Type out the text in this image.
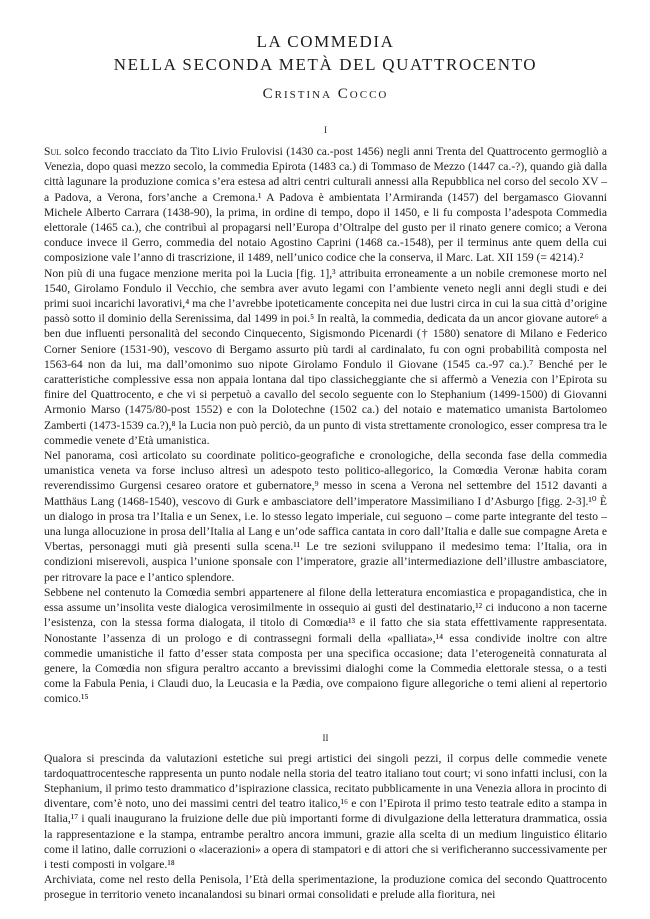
LA COMMEDIA
NELLA SECONDA METÀ DEL QUATTROCENTO
Cristina Cocco
I

Sul solco fecondo tracciato da Tito Livio Frulovisi (1430 ca.-post 1456) negli anni Trenta del Quattrocento germogliò a Venezia, dopo quasi mezzo secolo, la commedia Epirota (1483 ca.) di Tommaso de Mezzo (1447 ca.-?), quando già dalla città lagunare la produzione comica s’era estesa ad altri centri culturali annessi alla Repubblica nel corso del secolo XV – a Padova, a Verona, fors’anche a Cremona.¹ A Padova è ambientata l’Armiranda (1457) del bergamasco Giovanni Michele Alberto Carrara (1438-90), la prima, in ordine di tempo, dopo il 1450, e li fu composta l’adespota Commedia elettorale (1465 ca.), che contribuì al propagarsi nell’Europa d’Oltralpe del gusto per il rinato genere comico; a Verona conduce invece il Gerro, commedia del notaio Agostino Caprini (1468 ca.-1548), per il terminus ante quem della cui composizione vale l’anno di trascrizione, il 1489, nell’unico codice che la conserva, il Marc. Lat. XII 159 (= 4214).²

Non più di una fugace menzione merita poi la Lucia [fig. 1],³ attribuita erroneamente a un nobile cremonese morto nel 1540, Girolamo Fondulo il Vecchio, che sembra aver avuto legami con l’ambiente veneto negli anni degli studi e dei primi suoi incarichi lavorativi,⁴ ma che l’avrebbe ipoteticamente concepita nei due lustri circa in cui la sua città d’origine passò sotto il dominio della Serenissima, dal 1499 in poi.⁵ In realtà, la commedia, dedicata da un ancor giovane autore⁶ a ben due influenti personalità del secondo Cinquecento, Sigismondo Picenardi († 1580) senatore di Milano e Federico Corner Seniore (1531-90), vescovo di Bergamo assurto più tardi al cardinalato, fu con ogni probabilità composta nel 1563-64 non da lui, ma dall’omonimo suo nipote Girolamo Fondulo il Giovane (1545 ca.-97 ca.).⁷ Benché per le caratteristiche complessive essa non appaia lontana dal tipo classicheggiante che si affermò a Venezia con l’Epirota su finire del Quattrocento, e che vi si perpetuò a cavallo del secolo seguente con lo Stephanium (1499-1500) di Giovanni Armonio Marso (1475/80-post 1552) e con la Dolotechne (1502 ca.) del notaio e matematico umanista Bartolomeo Zamberti (1473-1539 ca.?),⁸ la Lucia non può perciò, da un punto di vista strettamente cronologico, esser compresa tra le commedie venete d’Età umanistica.

Nel panorama, così articolato su coordinate politico-geografiche e cronologiche, della seconda fase della commedia umanistica veneta va forse incluso altresì un adespoto testo politico-allegorico, la Comœdia Veronæ habita coram reverendissimo Gurgensi cesareo oratore et gubernatore,⁹ messo in scena a Verona nel settembre del 1512 davanti a Matthäus Lang (1468-1540), vescovo di Gurk e ambasciatore dell’imperatore Massimiliano I d’Asburgo [figg. 2-3].¹⁰ È un dialogo in prosa tra l’Italia e un Senex, i.e. lo stesso legato imperiale, cui seguono – come parte integrante del testo – una lunga allocuzione in prosa dell’Italia al Lang e un’ode saffica cantata in coro dall’Italia e dalle sue compagne Areta e Vbertas, personaggi muti già presenti sulla scena.¹¹ Le tre sezioni sviluppano il medesimo tema: l’Italia, ora in condizioni miserevoli, auspica l’unione sponsale con l’imperatore, grazie all’intermediazione dell’illustre ambasciatore, per ritrovare la pace e l’antico splendore.

Sebbene nel contenuto la Comœdia sembri appartenere al filone della letteratura encomiastica e propagandistica, che in essa assume un’insolita veste dialogica verosimilmente in ossequio ai gusti del destinatario,¹² ci inducono a non tacerne l’esistenza, con la stessa forma dialogata, il titolo di Comœdia¹³ e il fatto che sia stata effettivamente rappresentata. Nonostante l’assenza di un prologo e di contrassegni formali della «palliata»,¹⁴ essa condivide inoltre con altre commedie umanistiche il fatto d’esser stata composta per una specifica occasione; data l’eterogeneità connaturata al genere, la Comœdia non sfigura peraltro accanto a brevissimi dialoghi come la Commedia elettorale stessa, o a testi come la Fabula Penia, i Claudi duo, la Leucasia e la Pædia, ove compaiono figure allegoriche o temi alieni al repertorio comico.¹⁵

II

Qualora si prescinda da valutazioni estetiche sui pregi artistici dei singoli pezzi, il corpus delle commedie venete tardoquattrocentesche rappresenta un punto nodale nella storia del teatro italiano tout court; vi sono infatti inclusi, con la Stephanium, il primo testo drammatico d’ispirazione classica, recitato pubblicamente in una Venezia allora in procinto di diventare, com’è noto, uno dei massimi centri del teatro italico,¹⁶ e con l’Epirota il primo testo teatrale edito a stampa in Italia,¹⁷ i quali inaugurano la fruizione delle due più importanti forme di divulgazione della letteratura drammatica, ossia la rappresentazione e la stampa, entrambe peraltro ancora immuni, grazie alla scelta di un medium linguistico élitario come il latino, dalle corruzioni o «lacerazioni» a opera di stampatori e di attori che si verificheranno successivamente per i testi composti in volgare.¹⁸

Archiviata, come nel resto della Penisola, l’Età della sperimentazione, la produzione comica del secondo Quattrocento prosegue in territorio veneto incanalandosi su binari ormai consolidati e prelude alla fioritura, nei
